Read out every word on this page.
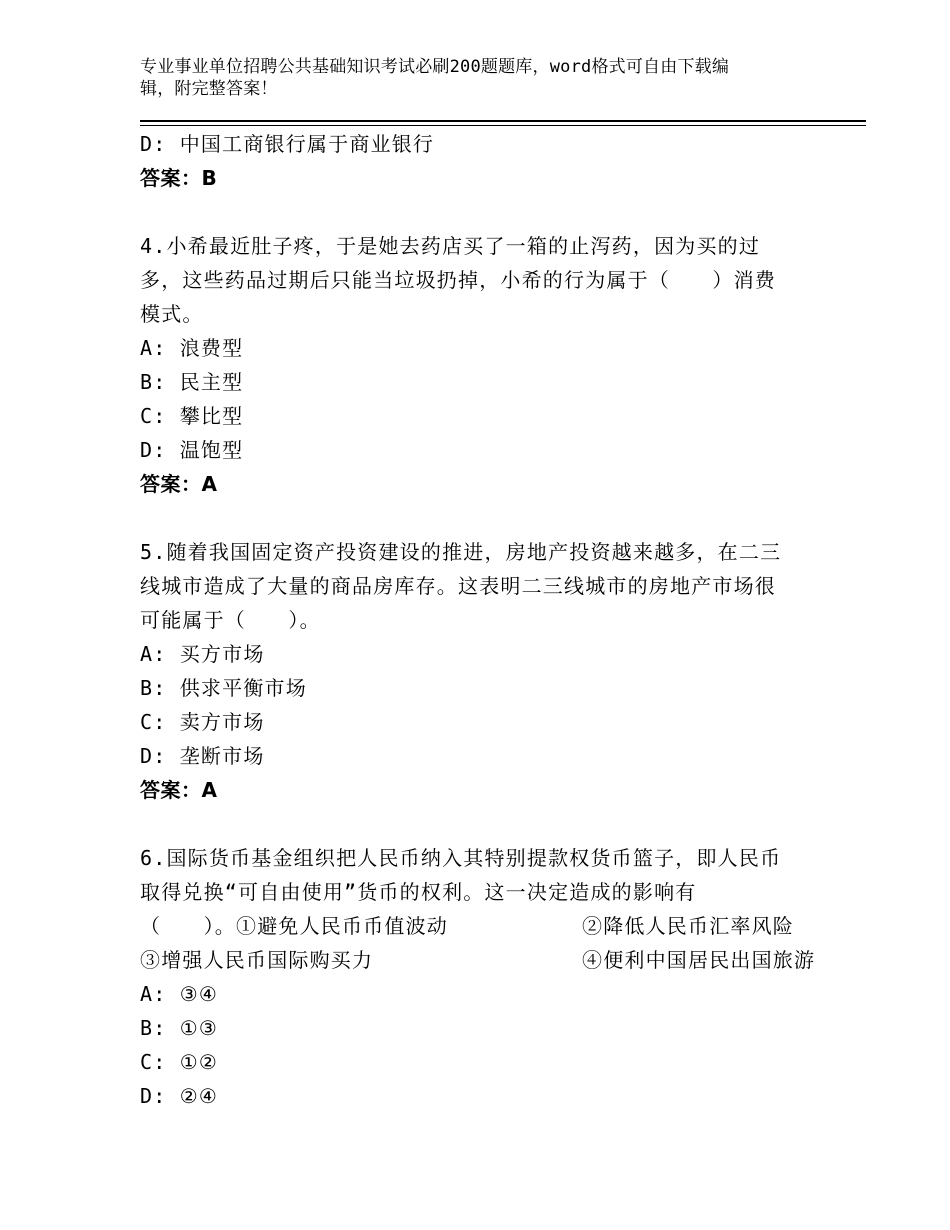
专业事业单位招聘公共基础知识考试必刷200题题库，word格式可自由下载编
辑，附完整答案！
D: 中国工商银行属于商业银行
答案：B
4.小希最近肚子疼，于是她去药店买了一箱的止泻药，因为买的过
多，这些药品过期后只能当垃圾扔掉，小希的行为属于（　　）消费
模式。
A: 浪费型
B: 民主型
C: 攀比型
D: 温饱型
答案：A
5.随着我国固定资产投资建设的推进，房地产投资越来越多，在二三
线城市造成了大量的商品房库存。这表明二三线城市的房地产市场很
可能属于（　　）。
A: 买方市场
B: 供求平衡市场
C: 卖方市场
D: 垄断市场
答案：A
6.国际货币基金组织把人民币纳入其特别提款权货币篮子，即人民币
取得兑换“可自由使用”货币的权利。这一决定造成的影响有
（　　）。①避免人民币币值波动	②降低人民币汇率风险
③增强人民币国际购买力	④便利中国居民出国旅游
A: ③④
B: ①③
C: ①②
D: ②④
